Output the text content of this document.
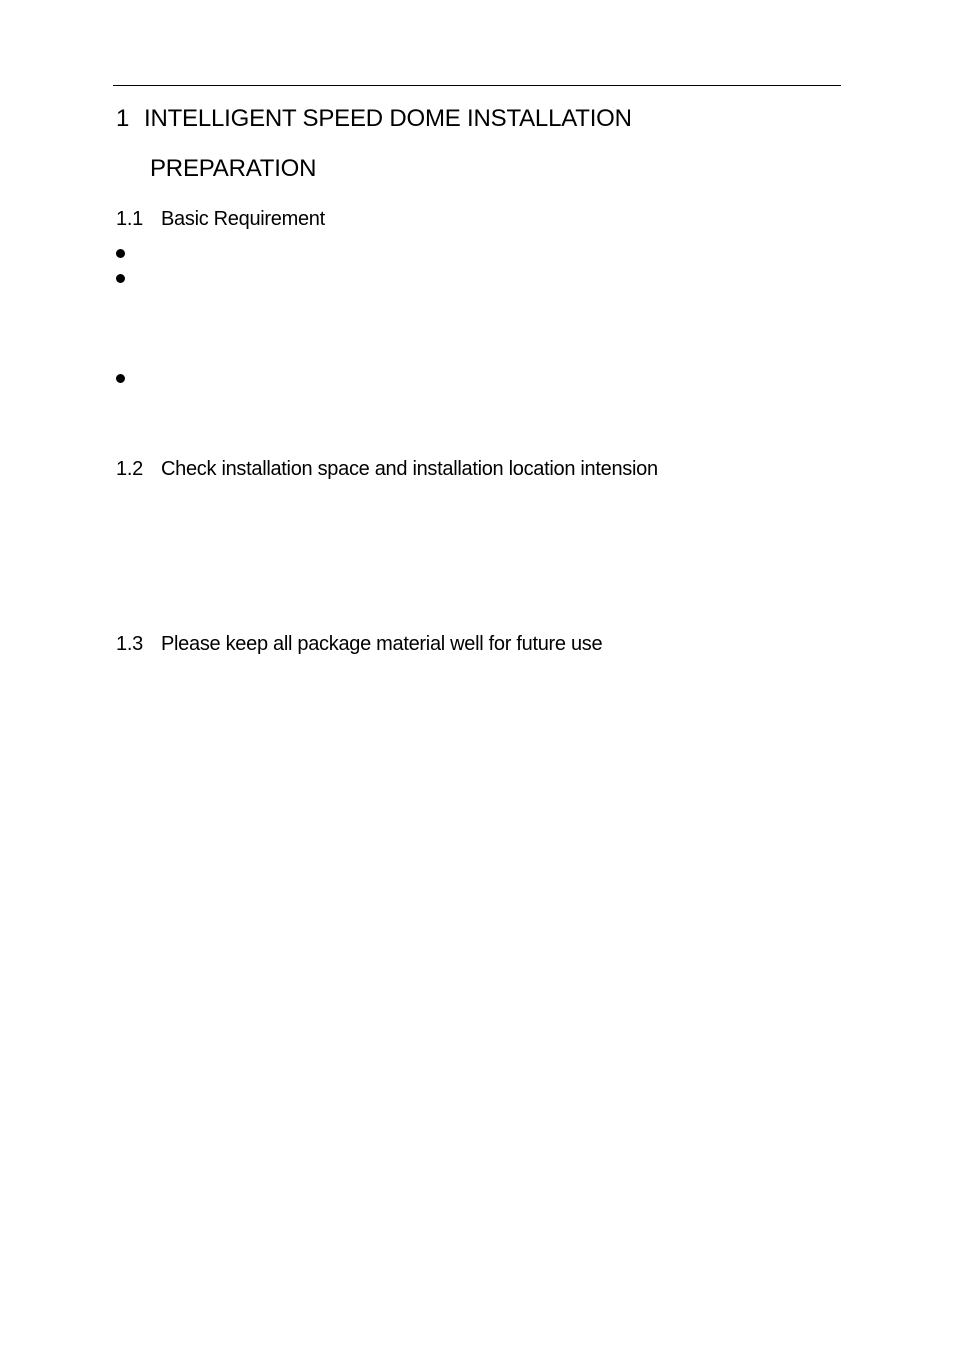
1 INTELLIGENT SPEED DOME INSTALLATION
PREPARATION
1.1 Basic Requirement
1.2 Check installation space and installation location intension
1.3 Please keep all package material well for future use
